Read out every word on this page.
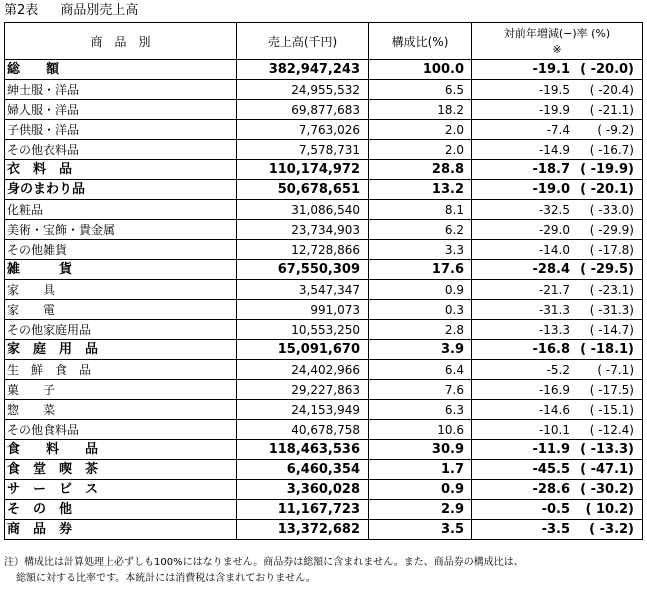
第2表 商品別売上高
商　品　別	売上高(千円)	構成比(%)	対前年増減(−)率 (%)
※

総　　額	382,947,243	100.0	-19.1 ( -20.0)

紳士服・洋品	24,955,532	6.5	-19.5 ( -20.4)

婦人服・洋品	69,877,683	18.2	-19.9 ( -21.1)

子供服・洋品	7,763,026	2.0	-7.4 ( -9.2)

その他衣料品	7,578,731	2.0	-14.9 ( -16.7)

衣　料　品	110,174,972	28.8	-18.7 ( -19.9)

身のまわり品	50,678,651	13.2	-19.0 ( -20.1)

化粧品	31,086,540	8.1	-32.5 ( -33.0)

美術・宝飾・貴金属	23,734,903	6.2	-29.0 ( -29.9)

その他雑貨	12,728,866	3.3	-14.0 ( -17.8)

雑　　　貨	67,550,309	17.6	-28.4 ( -29.5)

家　　具	3,547,347	0.9	-21.7 ( -23.1)

家　　電	991,073	0.3	-31.3 ( -31.3)

その他家庭用品	10,553,250	2.8	-13.3 ( -14.7)

家　庭　用　品	15,091,670	3.9	-16.8 ( -18.1)

生　鮮　食　品	24,402,966	6.4	-5.2 ( -7.1)

菓　　子	29,227,863	7.6	-16.9 ( -17.5)

惣　　菜	24,153,949	6.3	-14.6 ( -15.1)

その他食料品	40,678,758	10.6	-10.1 ( -12.4)

食　　料　　品	118,463,536	30.9	-11.9 ( -13.3)

食　堂　喫　茶	6,460,354	1.7	-45.5 ( -47.1)

サ　ー　ビ　ス	3,360,028	0.9	-28.6 ( -30.2)

そ　の　他	11,167,723	2.9	-0.5 ( 10.2)

商　品　券	13,372,682	3.5	-3.5 ( -3.2)
注）構成比は計算処理上必ずしも100%にはなりません。商品券は総額に含まれません。また、商品券の構成比は、
総額に対する比率です。本統計には消費税は含まれておりません。
